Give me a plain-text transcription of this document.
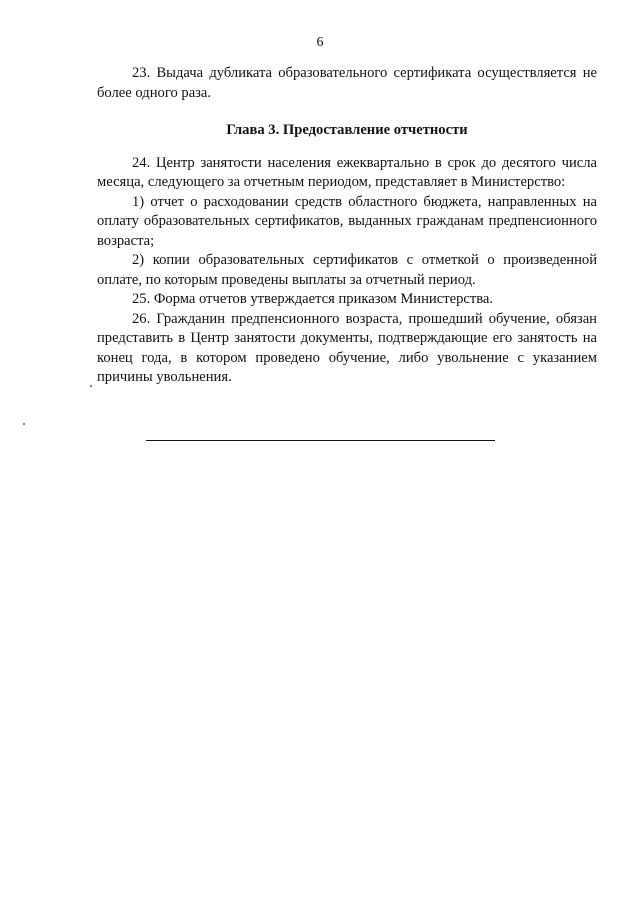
6

23. Выдача дубликата образовательного сертификата осуществляется не более одного раза.

Глава 3. Предоставление отчетности

24. Центр занятости населения ежеквартально в срок до десятого числа месяца, следующего за отчетным периодом, представляет в Министерство:

1) отчет о расходовании средств областного бюджета, направленных на оплату образовательных сертификатов, выданных гражданам предпенсионного возраста;

2) копии образовательных сертификатов с отметкой о произведенной оплате, по которым проведены выплаты за отчетный период.

25. Форма отчетов утверждается приказом Министерства.

26. Гражданин предпенсионного возраста, прошедший обучение, обязан представить в Центр занятости документы, подтверждающие его занятость на конец года, в котором проведено обучение, либо увольнение с указанием причины увольнения.
